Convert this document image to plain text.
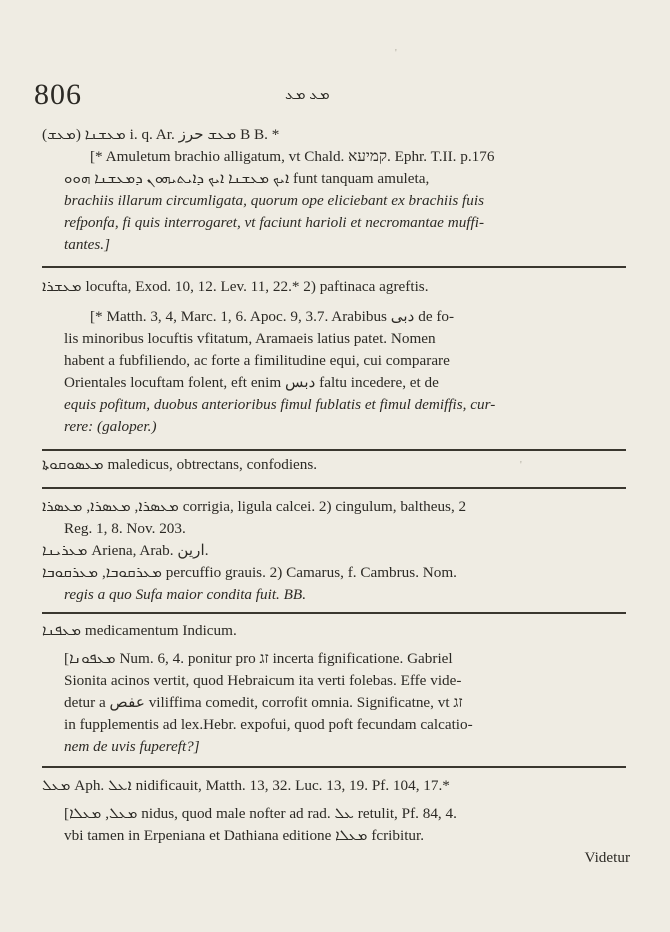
806	ܡܥ ܡܥ
(ܡܥܫ) ܡܥܫܢܐ i. q. Ar. ܡܥܫ حرز B B. *
[* Amuletum brachio alligatum, vt Chald. קמיעא. Ephr. T.II. p.176
ܐܝܟ ܡܥܫܢܐ ܐܝܟ ܕܐܝܬܝܗܘܢ ܕܡܥܫܢܐ ܗܘܘ funt tanquam amuleta,
brachiis illarum circumligata, quorum ope eliciebant ex brachiis fuis
refponfa, fi quis interrogaret, vt faciunt harioli et necromantae muffi-
tantes.]
ܡܥܫܪܐ locufta, Exod. 10, 12. Lev. 11, 22.* 2) paftinaca agreftis.
[* Matth. 3, 4, Marc. 1, 6. Apoc. 9, 3.7. Arabibus دبى de fo-
lis minoribus locuftis vfitatum, Aramaeis latius patet. Nomen
habent a fubfiliendo, ac forte a fimilitudine equi, cui comparare
Orientales locuftam folent, eft enim دبس faltu incedere, et de
equis pofitum, duobus anterioribus fimul fublatis et fimul demiffis, cur-
rere: (galoper.)
ܡܥܣܘܩܘܬܐ maledicus, obtrectans, confodiens.
ܡܥܣܪܐ, ܡܥܣܪܐ, ܡܥܣܪܐ corrigia, ligula calcei. 2) cingulum, baltheus, 2
Reg. 1, 8. Nov. 203.
ܡܥܪܝܢܐ Ariena, Arab. ارين.
ܡܥܪܩܘܒܐ, ܡܥܪܩܘܒܐ percuffio grauis. 2) Camarus, f. Cambrus. Nom.
regis a quo Sufa maior condita fuit. BB.
ܡܥܦܢܐ medicamentum Indicum.
[ܡܥܦܘܢܐ Num. 6, 4. ponitur pro זג incerta fignificatione. Gabriel
Sionita acinos vertit, quod Hebraicum ita verti folebas. Effe vide-
detur a عفص viliffima comedit, corrofit omnia. Significatne, vt זג
in fupplementis ad lex.Hebr. expofui, quod poft fecundam calcatio-
nem de uvis fupereft?]
ܡܥܠ Aph. ܐܥܠ nidificauit, Matth. 13, 32. Luc. 13, 19. Pf. 104, 17.*
[ܡܥܠ, ܡܥܠܐ nidus, quod male nofter ad rad. ܥܠ retulit, Pf. 84, 4.
vbi tamen in Erpeniana et Dathiana editione ܡܥܠܐ fcribitur.
Videtur
'
'
